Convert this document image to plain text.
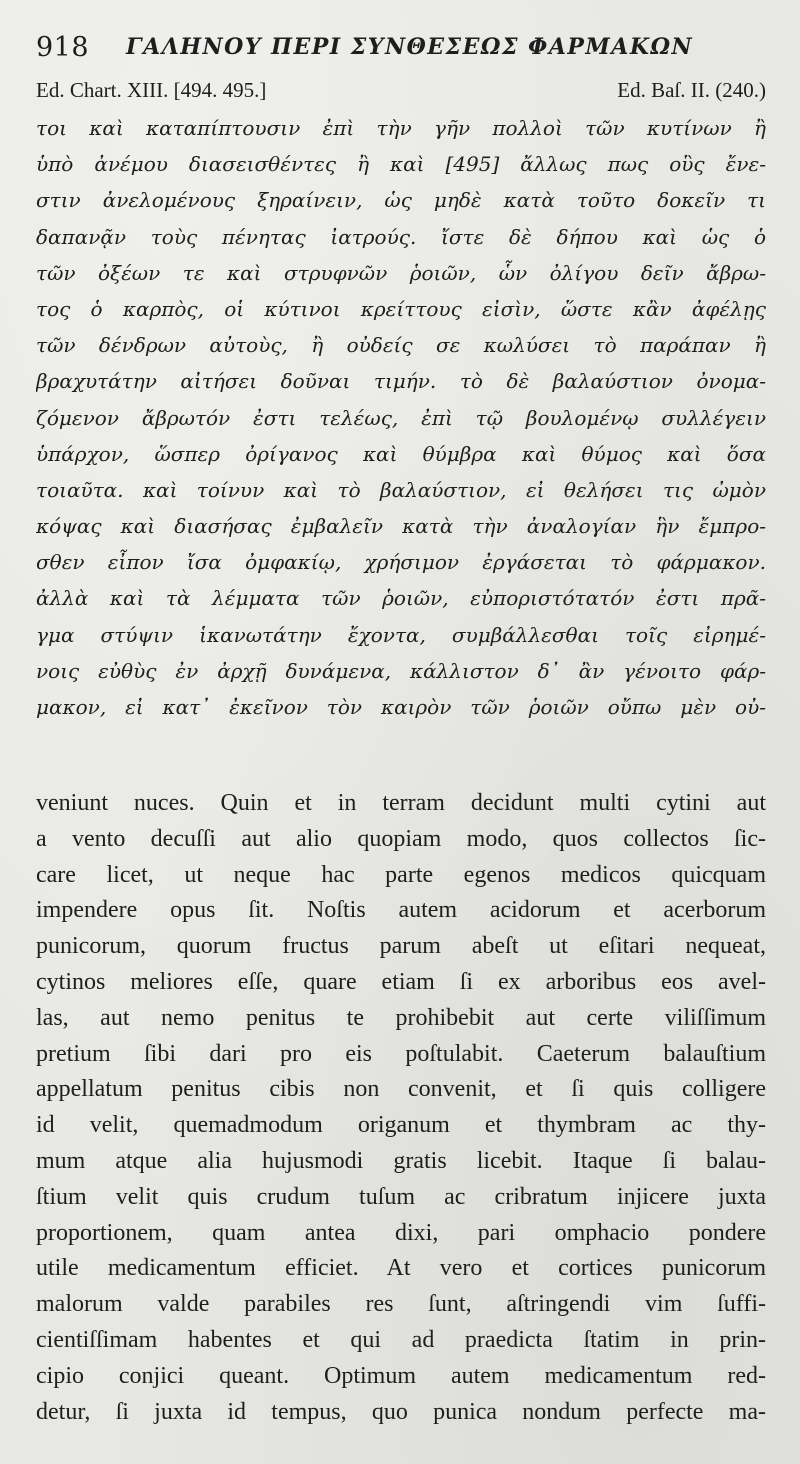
918 ΓΑΛΗΝΟΥ ΠΕΡΙ ΣΥΝΘΕΣΕΩΣ ΦΑΡΜΑΚΩΝ
Ed. Chart. XIII. [494. 495.]	Ed. Baſ. II. (240.)
τοι καὶ καταπίπτουσιν ἐπὶ τὴν γῆν πολλοὶ τῶν κυτίνων ἢ
ὑπὸ ἀνέμου διασεισθέντες ἢ καὶ [495] ἄλλως πως οὓς ἔνε-
στιν ἀνελομένους ξηραίνειν, ὡς μηδὲ κατὰ τοῦτο δοκεῖν τι
δαπανᾷν τοὺς πένητας ἰατρούς. ἴστε δὲ δήπου καὶ ὡς ὁ
τῶν ὀξέων τε καὶ στρυφνῶν ῥοιῶν, ὧν ὀλίγου δεῖν ἄβρω-
τος ὁ καρπὸς, οἱ κύτινοι κρείττους εἰσὶν, ὥστε κἂν ἀφέλῃς
τῶν δένδρων αὐτοὺς, ἢ οὐδείς σε κωλύσει τὸ παράπαν ἢ
βραχυτάτην αἰτήσει δοῦναι τιμήν. τὸ δὲ βαλαύστιον ὀνομα-
ζόμενον ἄβρωτόν ἐστι τελέως, ἐπὶ τῷ βουλομένῳ συλλέγειν
ὑπάρχον, ὥσπερ ὀρίγανος καὶ θύμβρα καὶ θύμος καὶ ὅσα
τοιαῦτα. καὶ τοίνυν καὶ τὸ βαλαύστιον, εἰ θελήσει τις ὠμὸν
κόψας καὶ διασήσας ἐμβαλεῖν κατὰ τὴν ἀναλογίαν ἣν ἔμπρο-
σθεν εἶπον ἴσα ὀμφακίῳ, χρήσιμον ἐργάσεται τὸ φάρμακον.
ἀλλὰ καὶ τὰ λέμματα τῶν ῥοιῶν, εὐποριστότατόν ἐστι πρᾶ-
γμα στύψιν ἱκανωτάτην ἔχοντα, συμβάλλεσθαι τοῖς εἰρημέ-
νοις εὐθὺς ἐν ἀρχῇ δυνάμενα, κάλλιστον δ᾿ ἂν γένοιτο φάρ-
μακον, εἰ κατ᾿ ἐκεῖνον τὸν καιρὸν τῶν ῥοιῶν οὔπω μὲν οὐ-
veniunt nuces. Quin et in terram decidunt multi cytini aut
a vento decuſſi aut alio quopiam modo, quos collectos ſic-
care licet, ut neque hac parte egenos medicos quicquam
impendere opus ſit. Noſtis autem acidorum et acerborum
punicorum, quorum fructus parum abeſt ut eſitari nequeat,
cytinos meliores eſſe, quare etiam ſi ex arboribus eos avel-
las, aut nemo penitus te prohibebit aut certe viliſſimum
pretium ſibi dari pro eis poſtulabit. Caeterum balauſtium
appellatum penitus cibis non convenit, et ſi quis colligere
id velit, quemadmodum origanum et thymbram ac thy-
mum atque alia hujusmodi gratis licebit. Itaque ſi balau-
ſtium velit quis crudum tuſum ac cribratum injicere juxta
proportionem, quam antea dixi, pari omphacio pondere
utile medicamentum efficiet. At vero et cortices punicorum
malorum valde parabiles res ſunt, aſtringendi vim ſuffi-
cientiſſimam habentes et qui ad praedicta ſtatim in prin-
cipio conjici queant. Optimum autem medicamentum red-
detur, ſi juxta id tempus, quo punica nondum perfecte ma-
